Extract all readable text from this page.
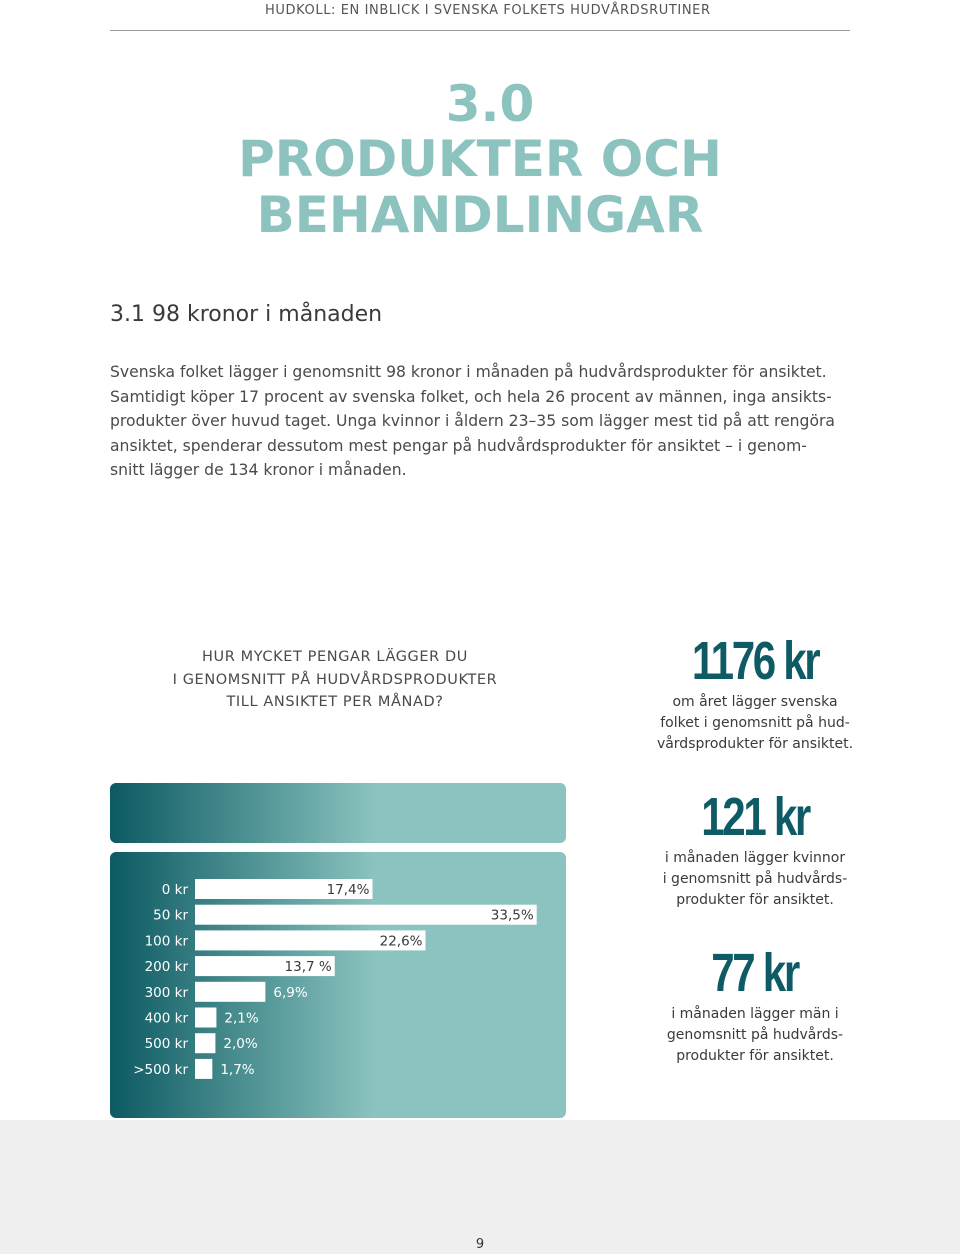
HUDKOLL: EN INBLICK I SVENSKA FOLKETS HUDVÅRDSRUTINER
3.0
PRODUKTER OCH
BEHANDLINGAR
3.1 98 kronor i månaden
Svenska folket lägger i genomsnitt 98 kronor i månaden på hudvårdsprodukter för ansiktet.
Samtidigt köper 17 procent av svenska folket, och hela 26 procent av männen, inga ansikts-
produkter över huvud taget. Unga kvinnor i åldern 23–35 som lägger mest tid på att rengöra
ansiktet, spenderar dessutom mest pengar på hudvårdsprodukter för ansiktet – i genom-
snitt lägger de 134 kronor i månaden.
HUR MYCKET PENGAR LÄGGER DU
I GENOMSNITT PÅ HUDVÅRDSPRODUKTER
TILL ANSIKTET PER MÅNAD?
1176 kr
om året lägger svenska
folket i genomsnitt på hud-
vårdsprodukter för ansiktet.
121 kr
i månaden lägger kvinnor
i genomsnitt på hudvårds-
produkter för ansiktet.
77 kr
i månaden lägger män i
genomsnitt på hudvårds-
produkter för ansiktet.
9
0 kr	17,4%
50 kr	33,5%
100 kr	22,6%
200 kr	13,7 %
300 kr	6,9%
400 kr	2,1%
500 kr	2,0%
>500 kr 1,7%
